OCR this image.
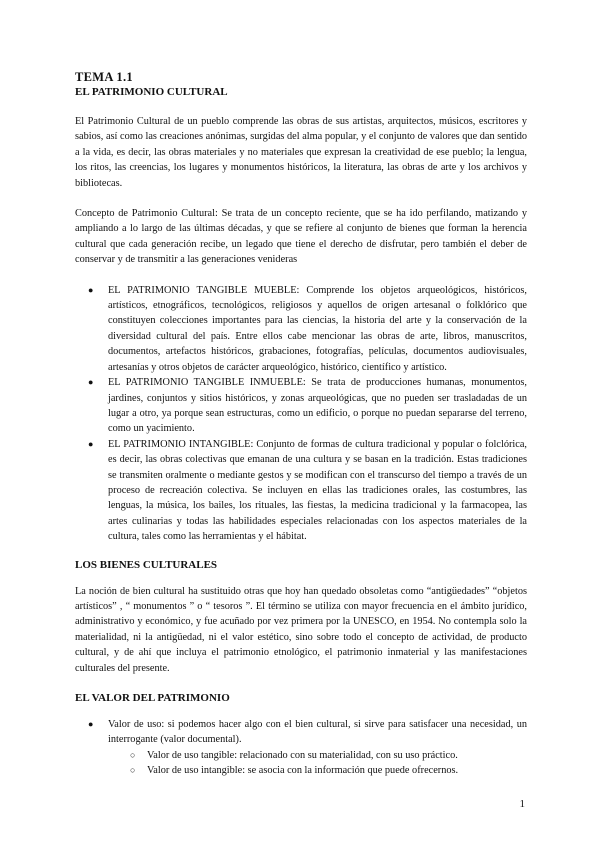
TEMA 1.1
EL PATRIMONIO CULTURAL

El Patrimonio Cultural de un pueblo comprende las obras de sus artistas, arquitectos, músicos, escritores y sabios, así como las creaciones anónimas, surgidas del alma popular, y el conjunto de valores que dan sentido a la vida, es decir, las obras materiales y no materiales que expresan la creatividad de ese pueblo; la lengua, los ritos, las creencias, los lugares y monumentos históricos, la literatura, las obras de arte y los archivos y bibliotecas.

Concepto de Patrimonio Cultural: Se trata de un concepto reciente, que se ha ido perfilando, matizando y ampliando a lo largo de las últimas décadas, y que se refiere al conjunto de bienes que forman la herencia cultural que cada generación recibe, un legado que tiene el derecho de disfrutar, pero también el deber de conservar y de transmitir a las generaciones venideras

● EL PATRIMONIO TANGIBLE MUEBLE: Comprende los objetos arqueológicos, históricos, artísticos, etnográficos, tecnológicos, religiosos y aquellos de origen artesanal o folklórico que constituyen colecciones importantes para las ciencias, la historia del arte y la conservación de la diversidad cultural del país. Entre ellos cabe mencionar las obras de arte, libros, manuscritos, documentos, artefactos históricos, grabaciones, fotografías, películas, documentos audiovisuales, artesanías y otros objetos de carácter arqueológico, histórico, científico y artístico.
● EL PATRIMONIO TANGIBLE INMUEBLE: Se trata de producciones humanas, monumentos, jardines, conjuntos y sitios históricos, y zonas arqueológicas, que no pueden ser trasladadas de un lugar a otro, ya porque sean estructuras, como un edificio, o porque no puedan separarse del terreno, como un yacimiento.
● EL PATRIMONIO INTANGIBLE: Conjunto de formas de cultura tradicional y popular o folclórica, es decir, las obras colectivas que emanan de una cultura y se basan en la tradición. Estas tradiciones se transmiten oralmente o mediante gestos y se modifican con el transcurso del tiempo a través de un proceso de recreación colectiva. Se incluyen en ellas las tradiciones orales, las costumbres, las lenguas, la música, los bailes, los rituales, las fiestas, la medicina tradicional y la farmacopea, las artes culinarias y todas las habilidades especiales relacionadas con los aspectos materiales de la cultura, tales como las herramientas y el hábitat.
LOS BIENES CULTURALES

La noción de bien cultural ha sustituido otras que hoy han quedado obsoletas como “antigüedades” “objetos artísticos” , “ monumentos ” o “ tesoros ”. El término se utiliza con mayor frecuencia en el ámbito jurídico, administrativo y económico, y fue acuñado por vez primera por la UNESCO, en 1954. No contempla solo la materialidad, ni la antigüedad, ni el valor estético, sino sobre todo el concepto de actividad, de producto cultural, y de ahí que incluya el patrimonio etnológico, el patrimonio inmaterial y las manifestaciones culturales del presente.

EL VALOR DEL PATRIMONIO
● Valor de uso: si podemos hacer algo con el bien cultural, si sirve para satisfacer una necesidad, un interrogante (valor documental).
○ Valor de uso tangible: relacionado con su materialidad, con su uso práctico.
○ Valor de uso intangible: se asocia con la información que puede ofrecernos.
1
